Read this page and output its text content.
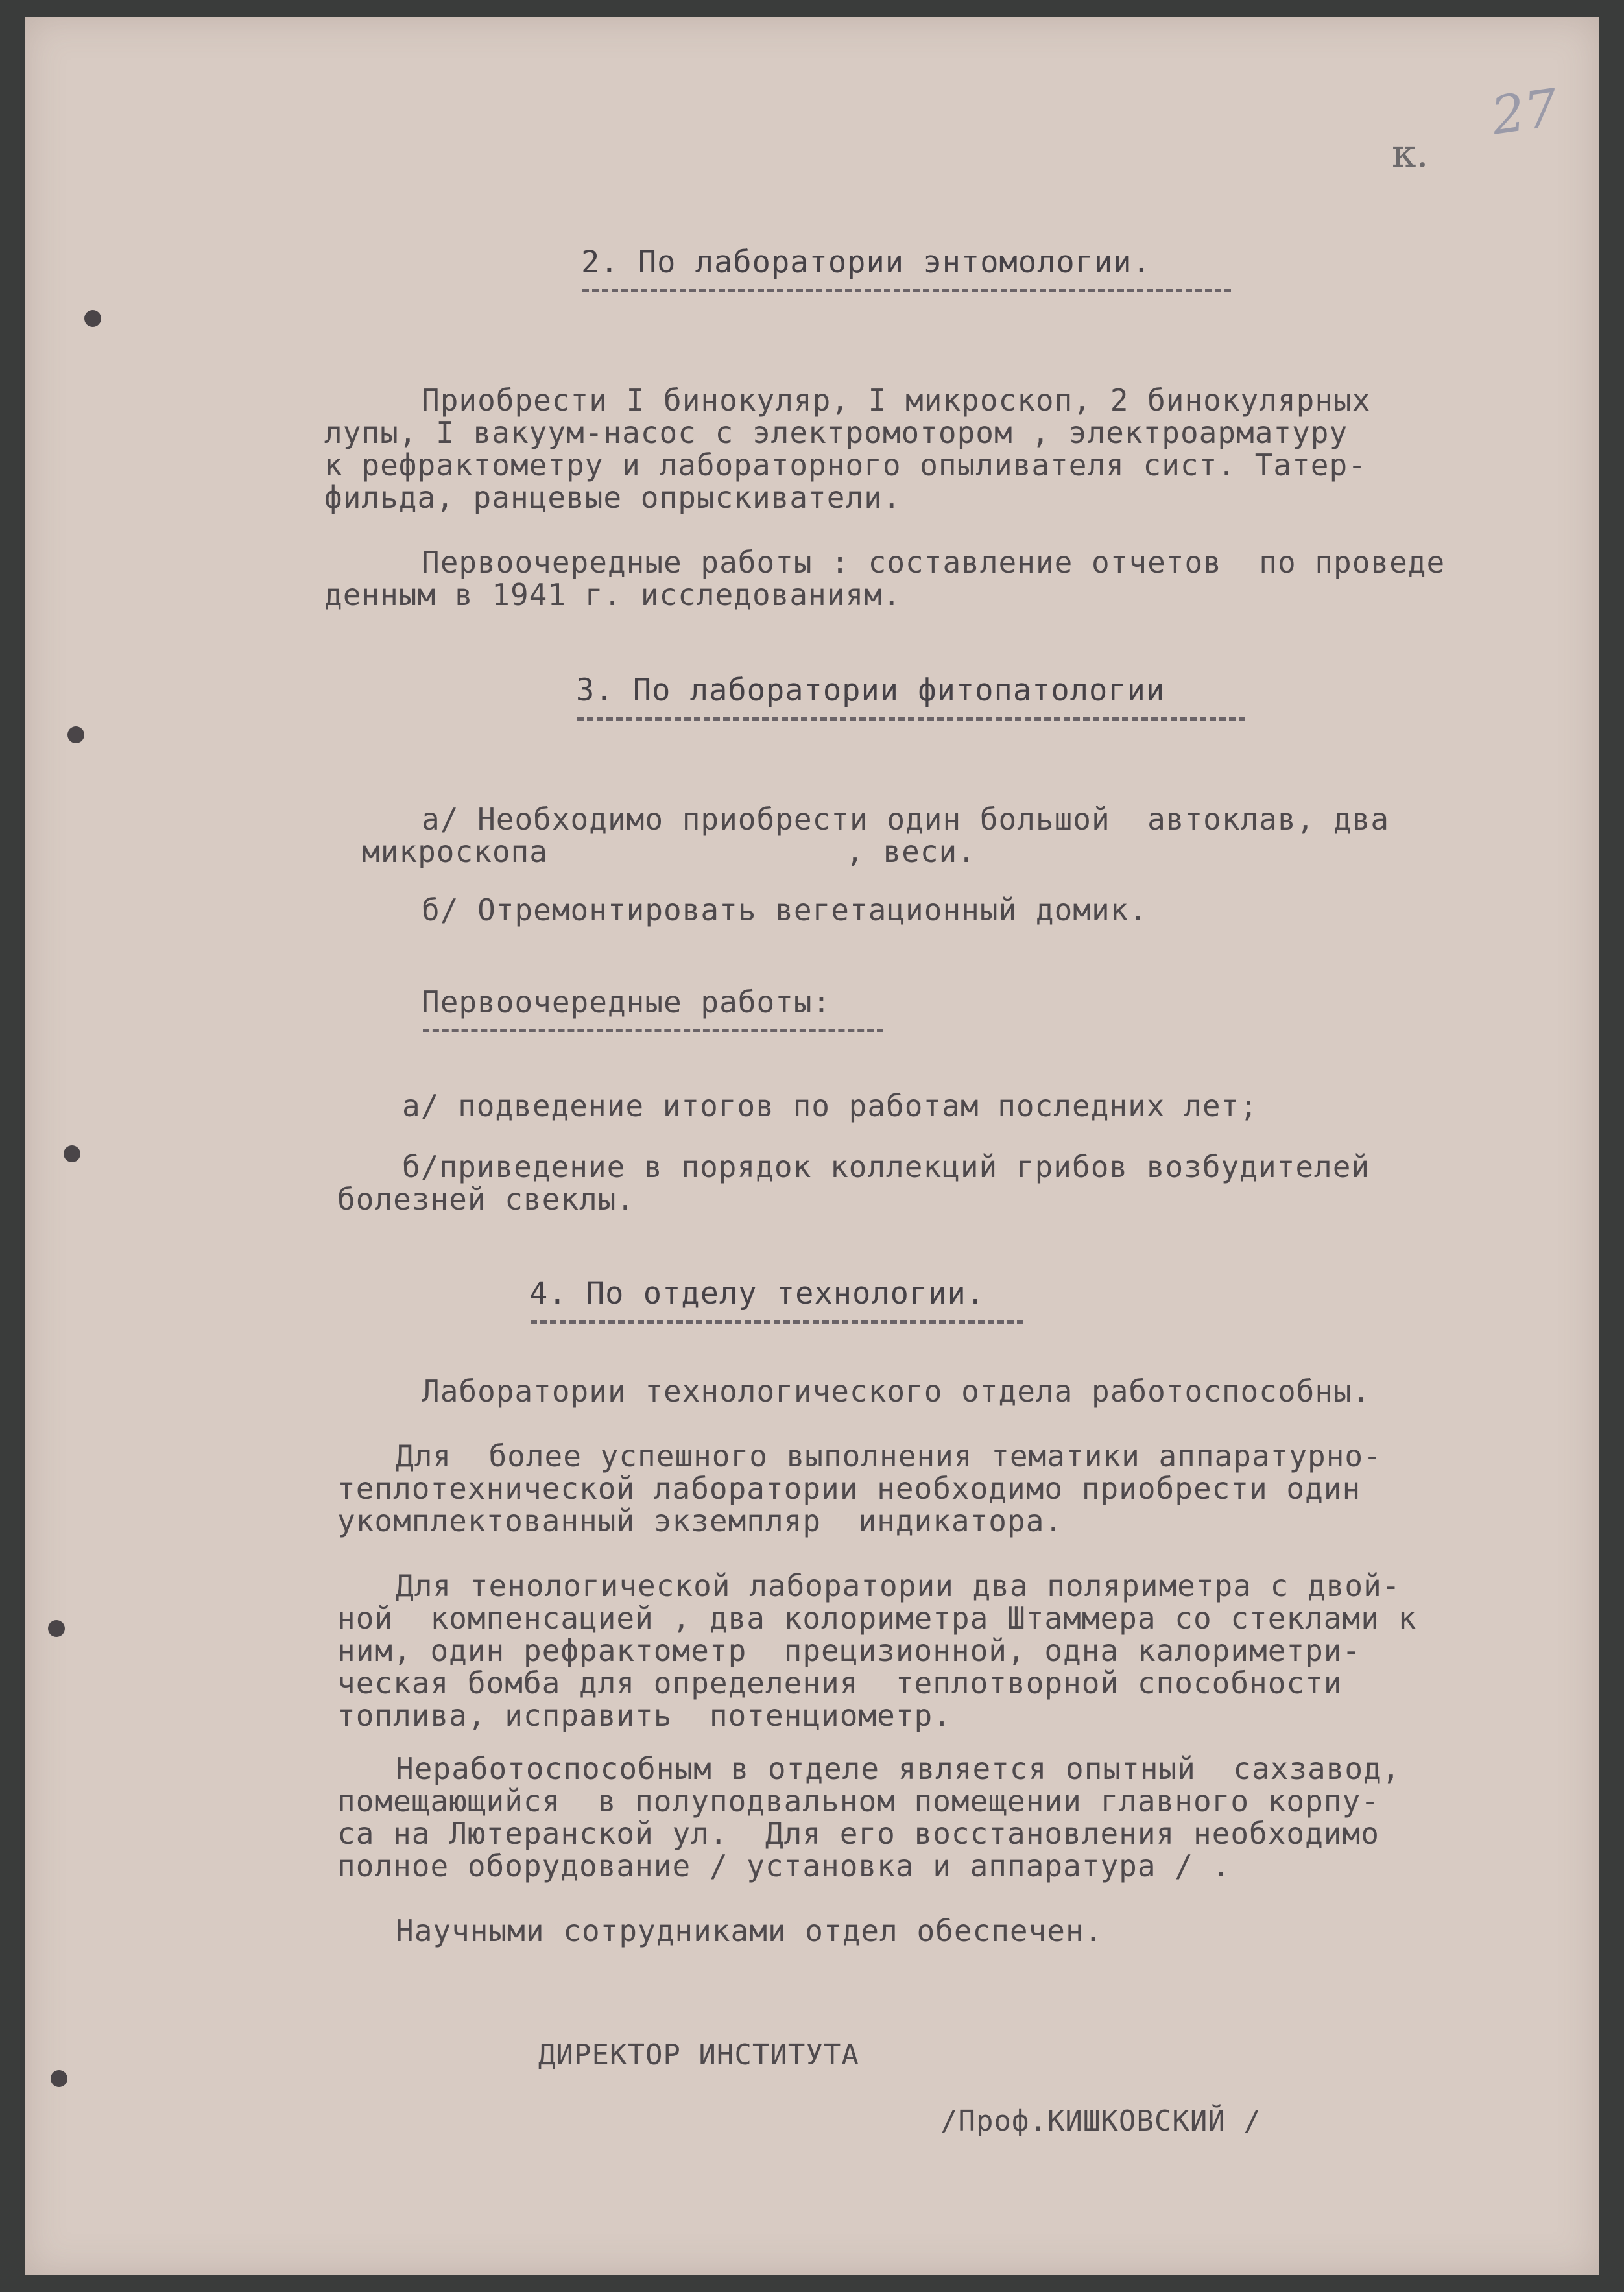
27
к.
2. По лаборатории энтомологии.
Приобрести I бинокуляр, I микроскоп, 2 бинокулярных
лупы, I вакуум-насос с электромотором , электроарматуру
к рефрактометру и лабораторного опыливателя сист. Татер-
фильда, ранцевые опрыскиватели.
Первоочередные работы : составление отчетов  по проведе
денным в 1941 г. исследованиям.
3. По лаборатории фитопатологии
а/ Необходимо приобрести один большой  автоклав, два
микроскопа                , веси.
б/ Отремонтировать вегетационный домик.
Первоочередные работы:
а/ подведение итогов по работам последних лет;
б/приведение в порядок коллекций грибов возбудителей
болезней свеклы.
4. По отделу технологии.
Лаборатории технологического отдела работоспособны.
Для  более успешного выполнения тематики аппаратурно-
теплотехнической лаборатории необходимо приобрести один
укомплектованный экземпляр  индикатора.
Для тенологической лаборатории два поляриметра с двой-
ной  компенсацией , два колориметра Штаммера со стеклами к
ним, один рефрактометр  прецизионной, одна калориметри-
ческая бомба для определения  теплотворной способности
топлива, исправить  потенциометр.
Неработоспособным в отделе является опытный  сахзавод,
помещающийся  в полуподвальном помещении главного корпу-
са на Лютеранской ул.  Для его восстановления необходимо
полное оборудование / установка и аппаратура / .
Научными сотрудниками отдел обеспечен.
ДИРЕКТОР ИНСТИТУТА
/Проф.КИШКОВСКИЙ /
